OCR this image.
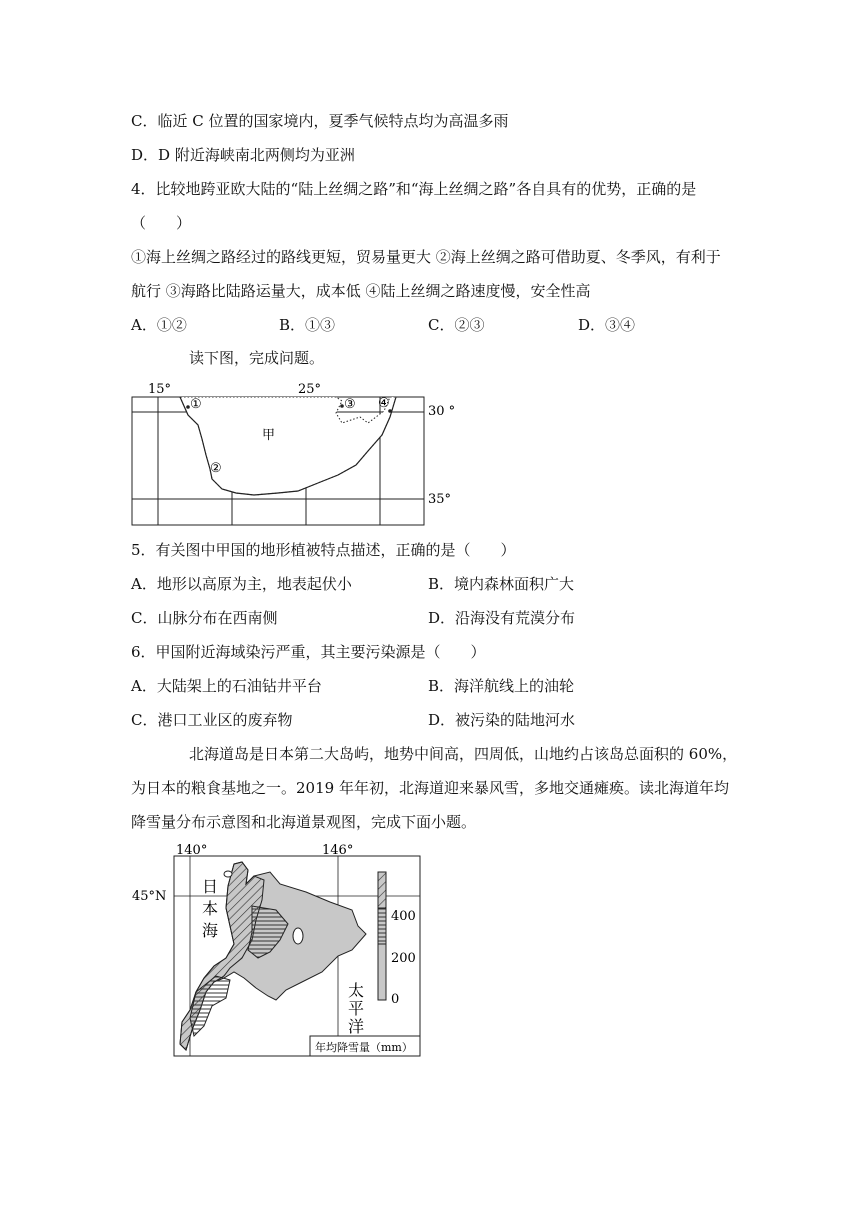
C．临近 C 位置的国家境内，夏季气候特点均为高温多雨
D．D 附近海峡南北两侧均为亚洲
4．比较地跨亚欧大陆的“陆上丝绸之路”和“海上丝绸之路”各自具有的优势，正确的是
（　　）
①海上丝绸之路经过的路线更短，贸易量更大 ②海上丝绸之路可借助夏、冬季风，有利于
航行 ③海路比陆路运量大，成本低 ④陆上丝绸之路速度慢，安全性高
A．①②	B．①③	C．②③	D．③④
读下图，完成问题。
①
②
③ ④
甲
15°	25°
30 °
35°
5．有关图中甲国的地形植被特点描述，正确的是（　　）
A．地形以高原为主，地表起伏小	B．境内森林面积广大
C．山脉分布在西南侧	D．沿海没有荒漠分布
6．甲国附近海域染污严重，其主要污染源是（　　）
A．大陆架上的石油钻井平台	B．海洋航线上的油轮
C．港口工业区的废弃物	D．被污染的陆地河水
北海道岛是日本第二大岛屿，地势中间高，四周低，山地约占该岛总面积的 60%，
为日本的粮食基地之一。2019 年年初，北海道迎来暴风雪，多地交通瘫痪。读北海道年均
降雪量分布示意图和北海道景观图，完成下面小题。
400
200
0
年均降雪量（mm）
140°	146°
45°N
日
本
海
太
平
洋
